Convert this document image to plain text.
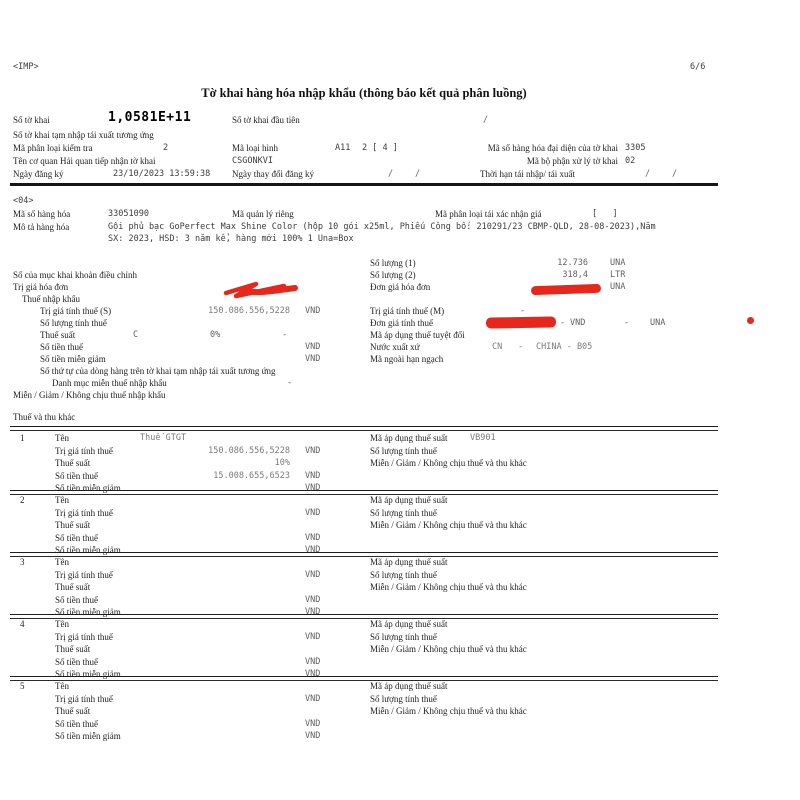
<IMP>	6/6
Tờ khai hàng hóa nhập khẩu (thông báo kết quả phân luồng)
Số tờ khai	1,0581E+11	Số tờ khai đầu tiên	/
Số tờ khai tạm nhập tái xuất tương ứng
Mã phân loại kiểm tra	2	Mã loại hình	A11 2 [ 4 ]	Mã số hàng hóa đại diện của tờ khai 3305
Tên cơ quan Hải quan tiếp nhận tờ khai	CSGONKVI	Mã bộ phận xử lý tờ khai 02
Ngày đăng ký	23/10/2023 13:59:38 Ngày thay đổi đăng ký	/	/	Thời hạn tái nhập/ tái xuất	/	/
<04>
Mã số hàng hóa	33051090	Mã quản lý riêng	Mã phân loại tái xác nhận giá	[   ]
Mô tả hàng hóa	Gội phủ bạc GoPerfect Max Shine Color (hộp 10 gói x25ml, Phiếu Công bố: 210291/23 CBMP-QLD, 28-08-2023),Năm
SX: 2023, HSD: 3 năm kể, hàng mới 100% 1 Una=Box
Số lượng (1)	12.736	UNA
Số của mục khai khoản điều chỉnh	Số lượng (2)	318,4	LTR
Trị giá hóa đơn	Đơn giá hóa đơn	UNA
Thuế nhập khẩu
Trị giá tính thuế (S)	150.086.556,5228 VND	Trị giá tính thuế (M)	-
Số lượng tính thuế	Đơn giá tính thuế	- VND	- UNA
Thuế suất	C	0%	-	Mã áp dụng thuế tuyệt đối
Số tiền thuế	VND	Nước xuất xứ	CN - CHINA - B05
Số tiền miễn giảm	VND	Mã ngoài hạn ngạch
Số thứ tự của dòng hàng trên tờ khai tạm nhập tái xuất tương ứng
Danh mục miễn thuế nhập khẩu	-
Miễn / Giảm / Không chịu thuế nhập khẩu
Thuế và thu khác
1	Tên	Thuế GTGT	Mã áp dụng thuế suất	VB901
Trị giá tính thuế	150.086.556,5228 VND	Số lượng tính thuế
Thuế suất	10%	Miễn / Giảm / Không chịu thuế và thu khác
Số tiền thuế	15.008.655,6523 VND
Số tiền miễn giảm	VND
2	Tên	Mã áp dụng thuế suất
Trị giá tính thuế	VND	Số lượng tính thuế
Thuế suất	Miễn / Giảm / Không chịu thuế và thu khác
Số tiền thuế	VND
Số tiền miễn giảm	VND
3	Tên	Mã áp dụng thuế suất
Trị giá tính thuế	VND	Số lượng tính thuế
Thuế suất	Miễn / Giảm / Không chịu thuế và thu khác
Số tiền thuế	VND
Số tiền miễn giảm	VND
4	Tên	Mã áp dụng thuế suất
Trị giá tính thuế	VND	Số lượng tính thuế
Thuế suất	Miễn / Giảm / Không chịu thuế và thu khác
Số tiền thuế	VND
Số tiền miễn giảm	VND
5	Tên	Mã áp dụng thuế suất
Trị giá tính thuế	VND	Số lượng tính thuế
Thuế suất	Miễn / Giảm / Không chịu thuế và thu khác
Số tiền thuế	VND
Số tiền miễn giảm	VND
